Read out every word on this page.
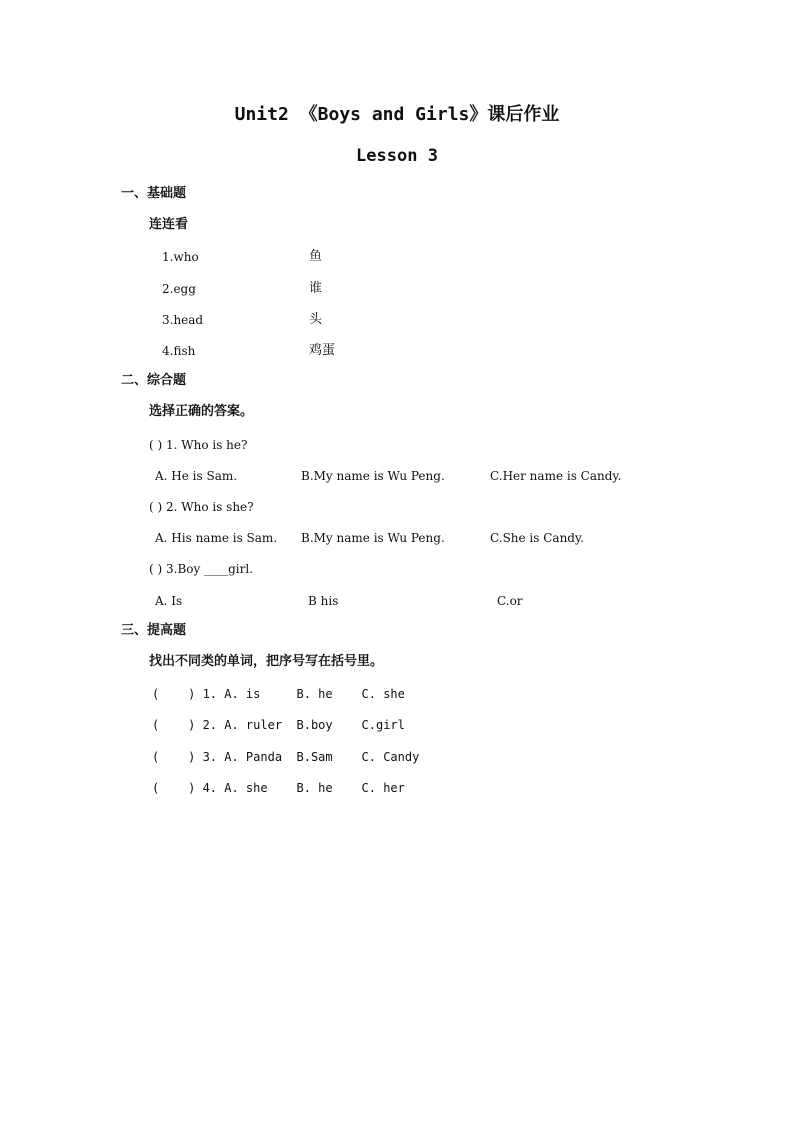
Unit2 《Boys and Girls》课后作业
Lesson 3
一、基础题
连连看
1.who	鱼
2.egg	谁
3.head	头
4.fish	鸡蛋
二、综合题
选择正确的答案。
( ) 1. Who is he?
A. He is Sam.	B.My name is Wu Peng.	C.Her name is Candy.
( ) 2. Who is she?
A. His name is Sam. B.My name is Wu Peng.	C.She is Candy.
( ) 3.Boy ____girl.
A. Is	B his	C.or
三、提高题
找出不同类的单词，把序号写在括号里。
(    ) 1. A. is     B. he    C. she
(    ) 2. A. ruler  B.boy    C.girl
(    ) 3. A. Panda  B.Sam    C. Candy
(    ) 4. A. she    B. he    C. her
